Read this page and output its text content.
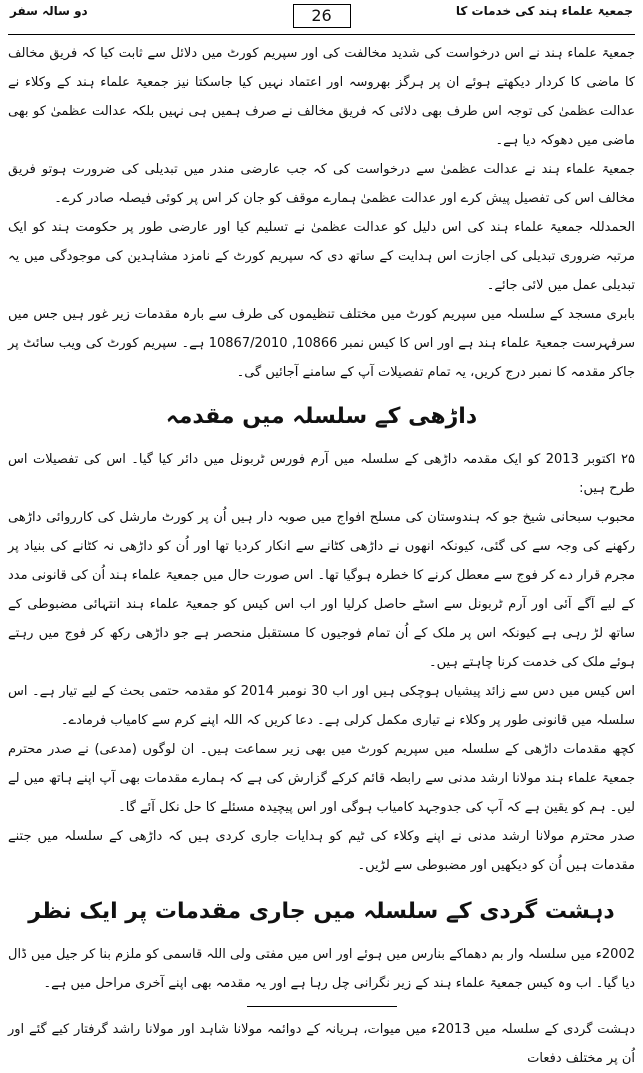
جمعیۃ علماء ہند کی خدمات کا
26
دو سالہ سفر

جمعیۃ علماء ہند نے اس درخواست کی شدید مخالفت کی اور سپریم کورٹ میں دلائل سے ثابت کیا کہ فریق مخالف کا ماضی کا کردار دیکھتے ہوئے ان پر ہرگز بھروسہ اور اعتماد نہیں کیا جاسکتا نیز جمعیۃ علماء ہند کے وکلاء نے عدالت عظمیٰ کی توجہ اس طرف بھی دلائی کہ فریق مخالف نے صرف ہمیں ہی نہیں بلکہ عدالت عظمیٰ کو بھی ماضی میں دھوکہ دیا ہے۔

جمعیۃ علماء ہند نے عدالت عظمیٰ سے درخواست کی کہ جب عارضی مندر میں تبدیلی کی ضرورت ہوتو فریق مخالف اس کی تفصیل پیش کرے اور عدالت عظمیٰ ہمارے موقف کو جان کر اس پر کوئی فیصلہ صادر کرے۔

الحمدللہ جمعیۃ علماء ہند کی اس دلیل کو عدالت عظمیٰ نے تسلیم کیا اور عارضی طور پر حکومت ہند کو ایک مرتبہ ضروری تبدیلی کی اجازت اس ہدایت کے ساتھ دی کہ سپریم کورٹ کے نامزد مشاہدین کی موجودگی میں یہ تبدیلی عمل میں لائی جائے۔

بابری مسجد کے سلسلہ میں سپریم کورٹ میں مختلف تنظیموں کی طرف سے بارہ مقدمات زیر غور ہیں جس میں سرفہرست جمعیۃ علماء ہند ہے اور اس کا کیس نمبر 10866, 10867/2010 ہے۔ سپریم کورٹ کی ویب سائٹ پر جاکر مقدمہ کا نمبر درج کریں، یہ تمام تفصیلات آپ کے سامنے آجائیں گی۔

داڑھی کے سلسلہ میں مقدمہ

۲۵ اکتوبر 2013 کو ایک مقدمہ داڑھی کے سلسلہ میں آرم فورس ٹربونل میں دائر کیا گیا۔ اس کی تفصیلات اس طرح ہیں:

محبوب سبحانی شیخ جو کہ ہندوستان کی مسلح افواج میں صوبہ دار ہیں اُن پر کورٹ مارشل کی کارروائی داڑھی رکھنے کی وجہ سے کی گئی، کیونکہ انھوں نے داڑھی کٹانے سے انکار کردیا تھا اور اُن کو داڑھی نہ کٹانے کی بنیاد پر مجرم قرار دے کر فوج سے معطل کرنے کا خطرہ ہوگیا تھا۔ اس صورت حال میں جمعیۃ علماء ہند اُن کی قانونی مدد کے لیے آگے آئی اور آرم ٹربونل سے اسٹے حاصل کرلیا اور اب اس کیس کو جمعیۃ علماء ہند انتہائی مضبوطی کے ساتھ لڑ رہی ہے کیونکہ اس پر ملک کے اُن تمام فوجیوں کا مستقبل منحصر ہے جو داڑھی رکھ کر فوج میں رہتے ہوئے ملک کی خدمت کرنا چاہتے ہیں۔

اس کیس میں دس سے زائد پیشیاں ہوچکی ہیں اور اب 30 نومبر 2014 کو مقدمہ حتمی بحث کے لیے تیار ہے۔ اس سلسلہ میں قانونی طور پر وکلاء نے تیاری مکمل کرلی ہے۔ دعا کریں کہ اللہ اپنے کرم سے کامیاب فرمادے۔

کچھ مقدمات داڑھی کے سلسلہ میں سپریم کورٹ میں بھی زیر سماعت ہیں۔ ان لوگوں (مدعی) نے صدر محترم جمعیۃ علماء ہند مولانا ارشد مدنی سے رابطہ قائم کرکے گزارش کی ہے کہ ہمارے مقدمات بھی آپ اپنے ہاتھ میں لے لیں۔ ہم کو یقین ہے کہ آپ کی جدوجہد کامیاب ہوگی اور اس پیچیدہ مسئلے کا حل نکل آئے گا۔

صدر محترم مولانا ارشد مدنی نے اپنے وکلاء کی ٹیم کو ہدایات جاری کردی ہیں کہ داڑھی کے سلسلہ میں جتنے مقدمات ہیں اُن کو دیکھیں اور مضبوطی سے لڑیں۔

دہشت گردی کے سلسلہ میں جاری مقدمات پر ایک نظر

2002ء میں سلسلہ وار بم دھماکے بنارس میں ہوئے اور اس میں مفتی ولی اللہ قاسمی کو ملزم بنا کر جیل میں ڈال دیا گیا۔ اب وہ کیس جمعیۃ علماء ہند کے زیر نگرانی چل رہا ہے اور یہ مقدمہ بھی اپنے آخری مراحل میں ہے۔

دہشت گردی کے سلسلہ میں 2013ء میں میوات، ہریانہ کے دوائمہ مولانا شاہد اور مولانا راشد گرفتار کیے گئے اور اُن پر مختلف دفعات
